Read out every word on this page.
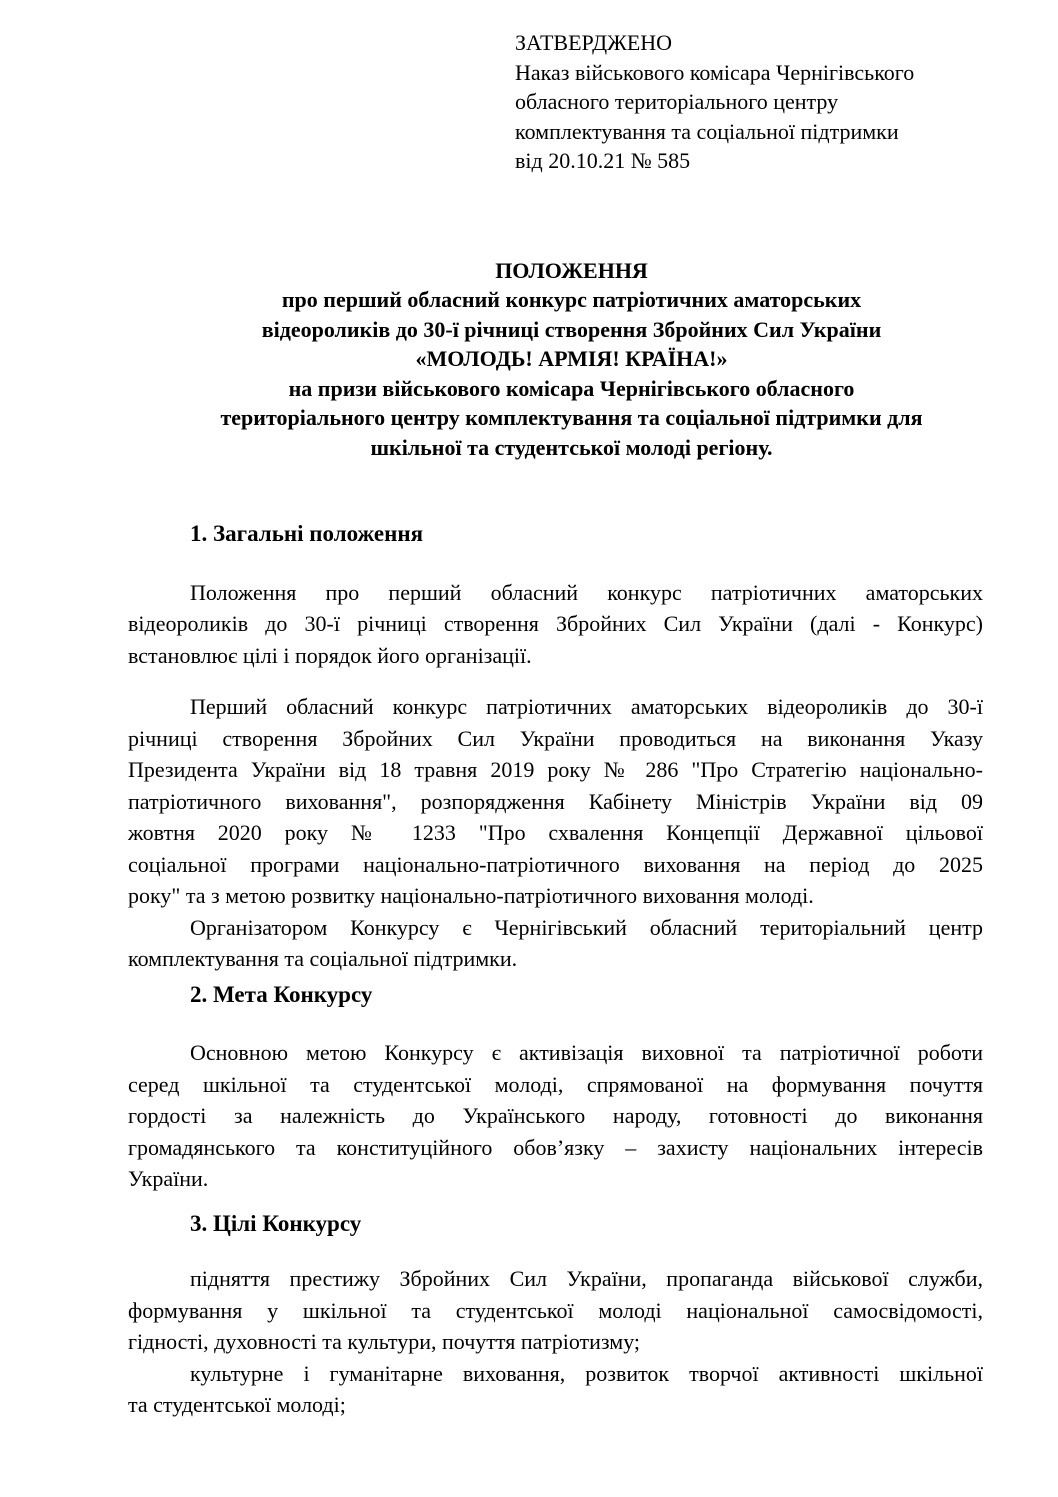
ЗАТВЕРДЖЕНО
Наказ військового комісара Чернігівського
обласного територіального центру
комплектування та соціальної підтримки
від 20.10.21 № 585
ПОЛОЖЕННЯ
про перший обласний конкурс патріотичних аматорських
відеороликів до 30-ї річниці створення Збройних Сил України
«МОЛОДЬ! АРМІЯ! КРАЇНА!»
на призи військового комісара Чернігівського обласного
територіального центру комплектування та соціальної підтримки для
шкільної та студентської молоді регіону.
1. Загальні положення
Положення про перший обласний конкурс патріотичних аматорських
відеороликів до 30-ї річниці створення Збройних Сил України (далі - Конкурс)
встановлює цілі і порядок його організації.
Перший обласний конкурс патріотичних аматорських відеороликів до 30-ї
річниці створення Збройних Сил України проводиться на виконання Указу
Президента України від 18 травня 2019 року № 286 "Про Стратегію національно-
патріотичного виховання", розпорядження Кабінету Міністрів України від 09
жовтня 2020 року № 1233 "Про схвалення Концепції Державної цільової
соціальної програми національно-патріотичного виховання на період до 2025
року" та з метою розвитку національно-патріотичного виховання молоді.
Організатором Конкурсу є Чернігівський обласний територіальний центр
комплектування та соціальної підтримки.
2. Мета Конкурсу
Основною метою Конкурсу є активізація виховної та патріотичної роботи
серед шкільної та студентської молоді, спрямованої на формування почуття
гордості за належність до Українського народу, готовності до виконання
громадянського та конституційного обов’язку – захисту національних інтересів
України.
3. Цілі Конкурсу
підняття престижу Збройних Сил України, пропаганда військової служби,
формування у шкільної та студентської молоді національної самосвідомості,
гідності, духовності та культури, почуття патріотизму;
культурне і гуманітарне виховання, розвиток творчої активності шкільної
та студентської молоді;
